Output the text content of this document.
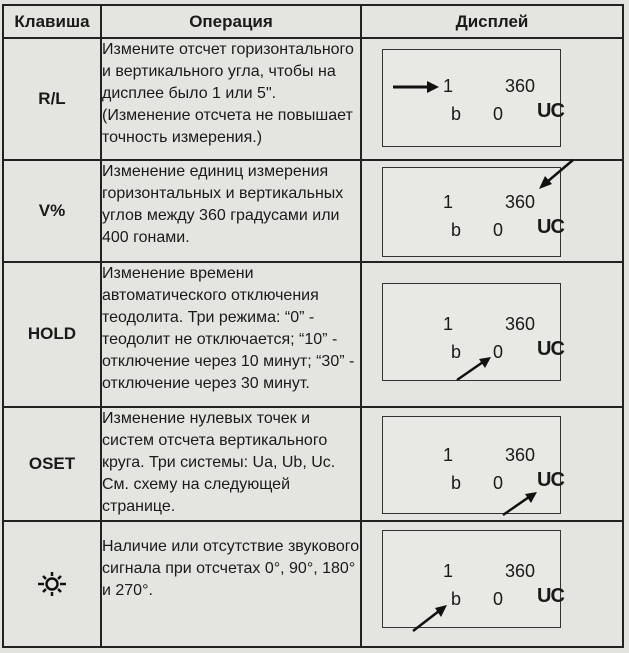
Клавиша	Операция	Дисплей
R/L	Измените отсчет горизонтального и вертикального угла, чтобы на дисплее было 1 или 5". (Изменение отсчета не повышает точность измерения.)	1 360
b 0 UC

V%	Изменение единиц измерения горизонтальных и вертикальных углов между 360 градусами или 400 гонами.	1 360
b 0 UC

HOLD	Изменение времени автоматического отключения теодолита. Три режима: “0” - теодолит не отключается; “10” - отключение через 10 минут; “30” - отключение через 30 минут.	1 360
b 0 UC

OSET	Изменение нулевых точек и систем отсчета вертикального круга. Три системы: Ua, Ub, Uc. См. схему на следующей странице.	1 360
b 0 UC

	Наличие или отсутствие звукового сигнала при отсчетах 0°, 90°, 180° и 270°.	1 360
b 0 UC
